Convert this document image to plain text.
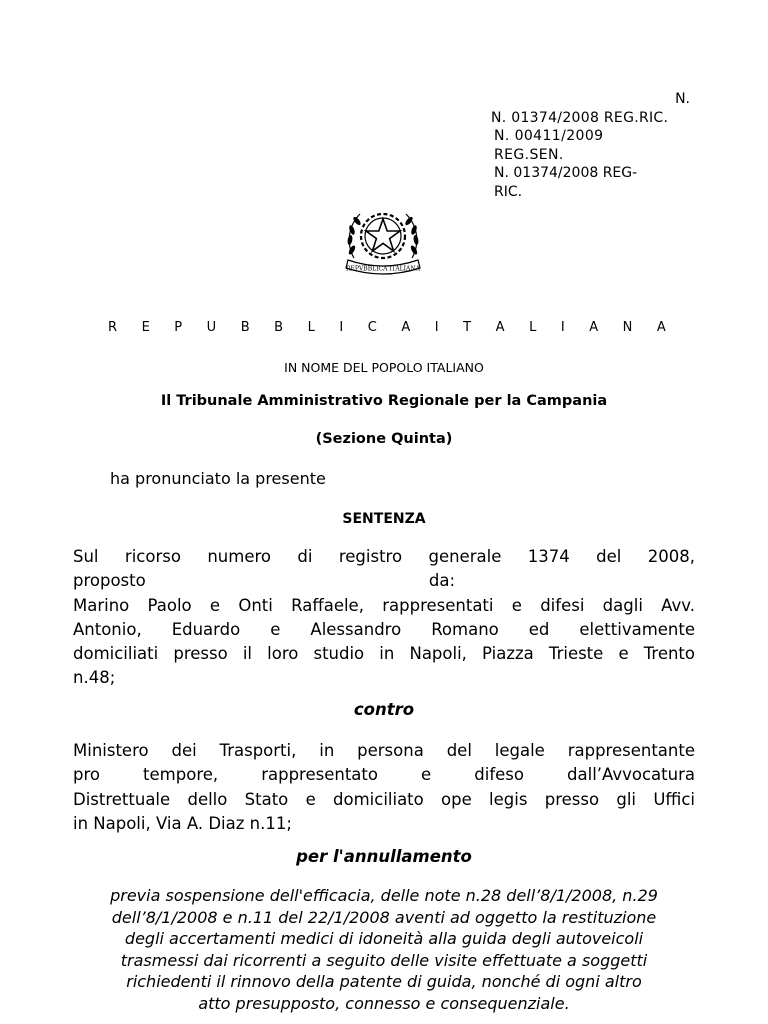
N.
N. 01374/2008 REG.RIC.
N. 00411/2009
REG.SEN.
N. 01374/2008 REG-
RIC.
REPVBBLICA ITALIANA
R E P U B B L I C A I T A L I A N A
IN NOME DEL POPOLO ITALIANO
Il Tribunale Amministrativo Regionale per la Campania
(Sezione Quinta)
ha pronunciato la presente
SENTENZA
Sul ricorso numero di registro generale 1374 del 2008,
proposto da:
Marino Paolo e Onti Raffaele, rappresentati e difesi dagli Avv.
Antonio, Eduardo e Alessandro Romano ed elettivamente
domiciliati presso il loro studio in Napoli, Piazza Trieste e Trento
n.48;
contro
Ministero dei Trasporti, in persona del legale rappresentante
pro tempore, rappresentato e difeso dall’Avvocatura
Distrettuale dello Stato e domiciliato ope legis presso gli Uffici
in Napoli, Via A. Diaz n.11;
per l'annullamento
previa sospensione dell'efficacia, delle note n.28 dell’8/1/2008, n.29
dell’8/1/2008 e n.11 del 22/1/2008 aventi ad oggetto la restituzione
degli accertamenti medici di idoneità alla guida degli autoveicoli
trasmessi dai ricorrenti a seguito delle visite effettuate a soggetti
richiedenti il rinnovo della patente di guida, nonché di ogni altro
atto presupposto, connesso e consequenziale.
